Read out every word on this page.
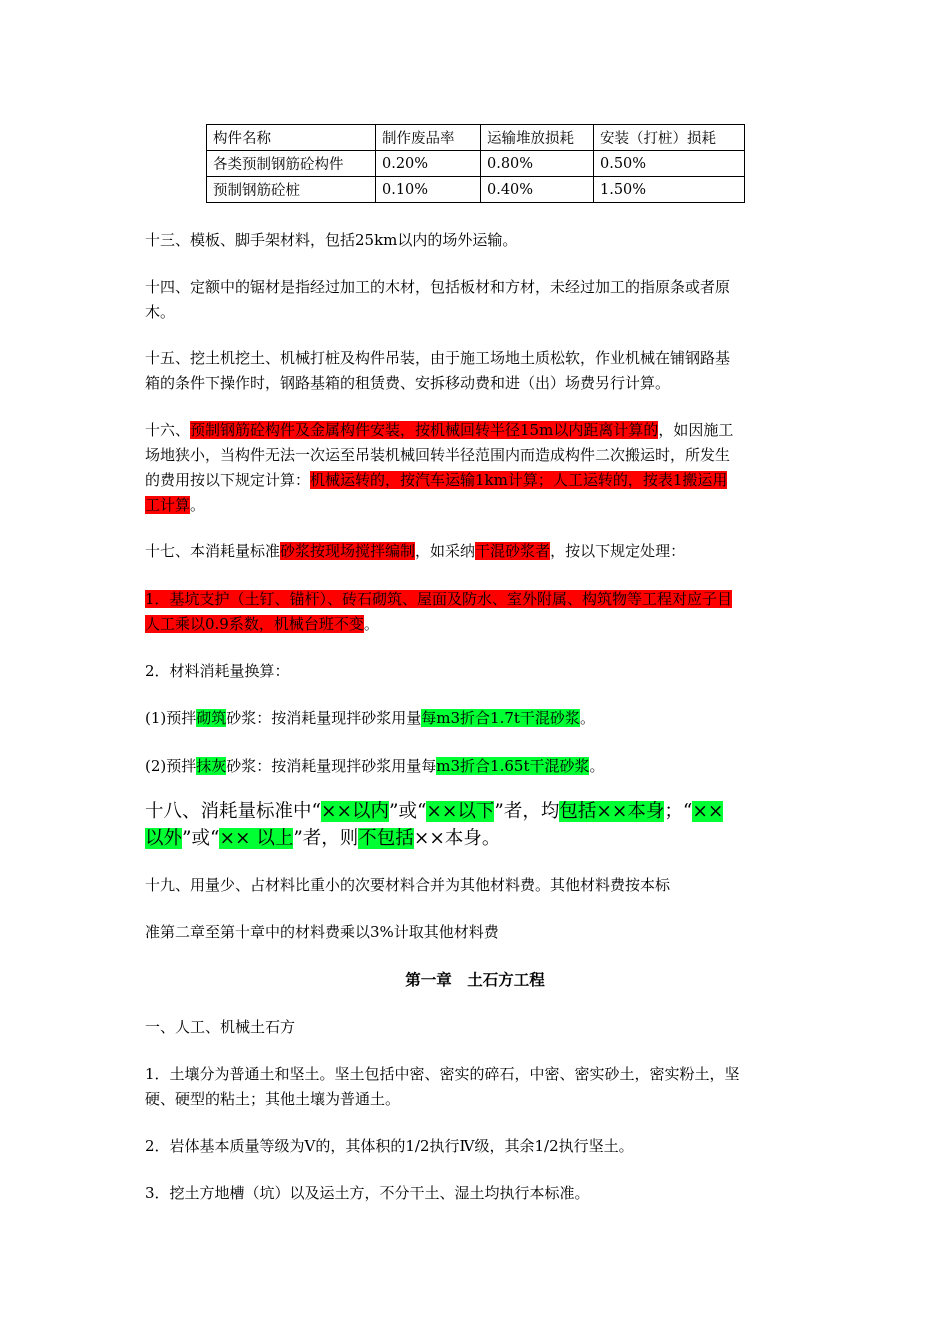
构件名称	制作废品率	运输堆放损耗	安装（打桩）损耗
各类预制钢筋砼构件	0.20%	0.80%	0.50%
预制钢筋砼桩	0.10%	0.40%	1.50%

十三、模板、脚手架材料，包括25km以内的场外运输。

十四、定额中的锯材是指经过加工的木材，包括板材和方材，未经过加工的指原条或者原
木。
十五、挖土机挖土、机械打桩及构件吊装，由于施工场地土质松软，作业机械在铺钢路基
箱的条件下操作时，钢路基箱的租赁费、安拆移动费和进（出）场费另行计算。
十六、预制钢筋砼构件及金属构件安装，按机械回转半径15m以内距离计算的，如因施工
场地狭小，当构件无法一次运至吊装机械回转半径范围内而造成构件二次搬运时，所发生
的费用按以下规定计算：机械运转的，按汽车运输1km计算；人工运转的，按表1搬运用
工计算。
十七、本消耗量标准砂浆按现场搅拌编制，如采纳干混砂浆者，按以下规定处理：
1．基坑支护（土钉、锚杆）、砖石砌筑、屋面及防水、室外附属、构筑物等工程对应子目
人工乘以0.9系数，机械台班不变。

2．材料消耗量换算：

(1)预拌砌筑砂浆：按消耗量现拌砂浆用量每m3折合1.7t干混砂浆。
(2)预拌抹灰砂浆：按消耗量现拌砂浆用量每m3折合1.65t干混砂浆。
十八、消耗量标准中“××以内”或“××以下”者，均包括××本身；“××
以外”或“×× 以上”者，则不包括××本身。

十九、用量少、占材料比重小的次要材料合并为其他材料费。其他材料费按本标

准第二章至第十章中的材料费乘以3%计取其他材料费

第一章　土石方工程

一、人工、机械土石方

1．土壤分为普通土和坚土。坚土包括中密、密实的碎石，中密、密实砂土，密实粉土，坚
硬、硬型的粘土；其他土壤为普通土。

2．岩体基本质量等级为Ⅴ的，其体积的1/2执行Ⅳ级，其余1/2执行坚土。

3．挖土方地槽（坑）以及运土方，不分干土、湿土均执行本标准。
